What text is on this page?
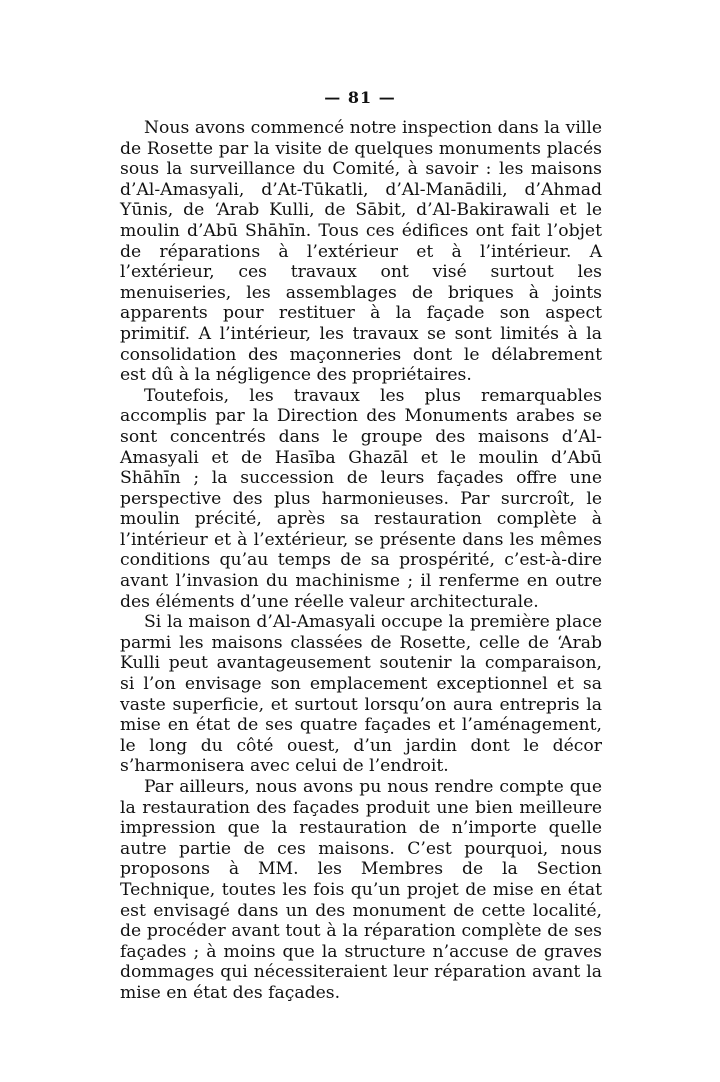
— 81 —

Nous avons commencé notre inspection dans la ville de Rosette par la visite de quelques monuments placés sous la surveillance du Comité, à savoir : les maisons d’Al-Amasyali, d’At-Tūkatli, d’Al-Manādili, d’Ahmad Yūnis, de ‘Arab Kulli, de Sābit, d’Al-Bakirawali et le moulin d’Abū Shāhīn. Tous ces édifices ont fait l’objet de réparations à l’extérieur et à l’intérieur. A l’extérieur, ces travaux ont visé surtout les menuiseries, les assemblages de briques à joints apparents pour restituer à la façade son aspect primitif. A l’intérieur, les travaux se sont limités à la consolidation des maçonneries dont le délabrement est dû à la négligence des propriétaires.

Toutefois, les travaux les plus remarquables accomplis par la Direction des Monuments arabes se sont concentrés dans le groupe des maisons d’Al-Amasyali et de Hasība Ghazāl et le moulin d’Abū Shāhīn ; la succession de leurs façades offre une perspective des plus harmonieuses. Par surcroît, le moulin précité, après sa restauration complète à l’intérieur et à l’extérieur, se présente dans les mêmes conditions qu’au temps de sa prospérité, c’est-à-dire avant l’invasion du machinisme ; il renferme en outre des éléments d’une réelle valeur architecturale.

Si la maison d’Al-Amasyali occupe la première place parmi les maisons classées de Rosette, celle de ‘Arab Kulli peut avantageusement soutenir la comparaison, si l’on envisage son emplacement exceptionnel et sa vaste superficie, et surtout lorsqu’on aura entrepris la mise en état de ses quatre façades et l’aménagement, le long du côté ouest, d’un jardin dont le décor s’harmonisera avec celui de l’endroit.

Par ailleurs, nous avons pu nous rendre compte que la restauration des façades produit une bien meilleure impression que la restauration de n’importe quelle autre partie de ces maisons. C’est pourquoi, nous proposons à MM. les Membres de la Section Technique, toutes les fois qu’un projet de mise en état est envisagé dans un des monument de cette localité, de procéder avant tout à la réparation complète de ses façades ; à moins que la structure n’accuse de graves dommages qui nécessiteraient leur réparation avant la mise en état des façades.
